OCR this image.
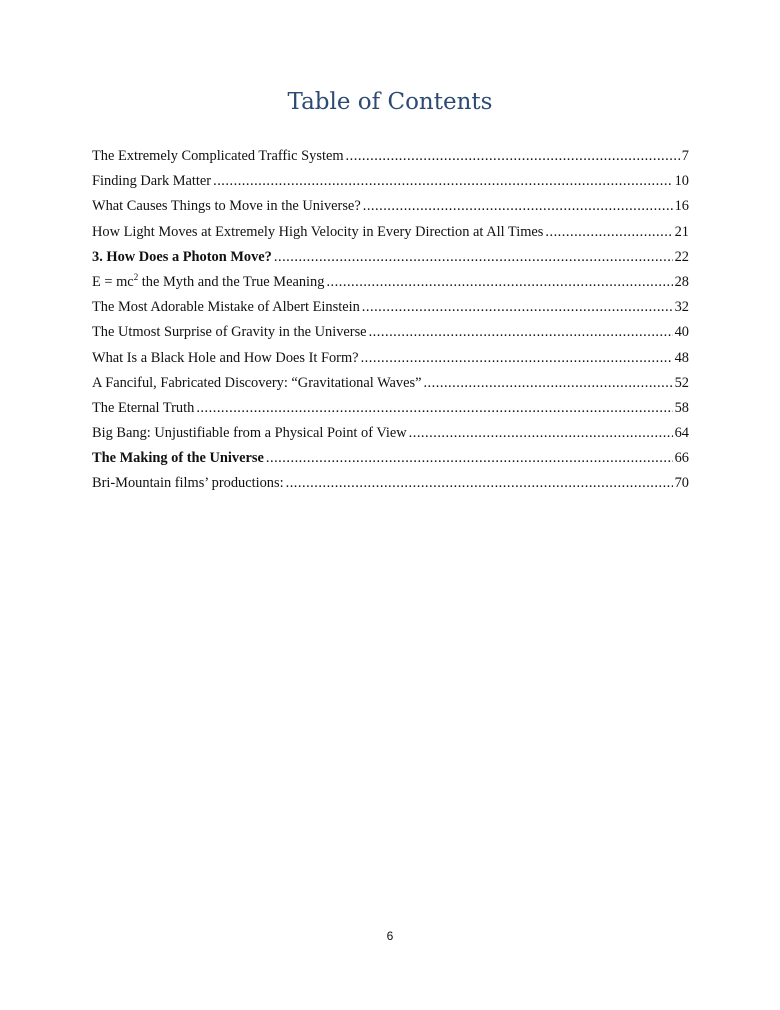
Table of Contents
The Extremely Complicated Traffic System .....	7
Finding Dark Matter .....	10
What Causes Things to Move in the Universe? .....	16
How Light Moves at Extremely High Velocity in Every Direction at All Times .....	21
3. How Does a Photon Move? .....	22
$E = mc^2$ the Myth and the True Meaning .....	28
The Most Adorable Mistake of Albert Einstein .....	32
The Utmost Surprise of Gravity in the Universe .....	40
What Is a Black Hole and How Does It Form? .....	48
A Fanciful, Fabricated Discovery: “Gravitational Waves” .....	52
The Eternal Truth .....	58
Big Bang: Unjustifiable from a Physical Point of View .....	64
The Making of the Universe .....	66
Bri-Mountain films’ productions: .....	70
6
